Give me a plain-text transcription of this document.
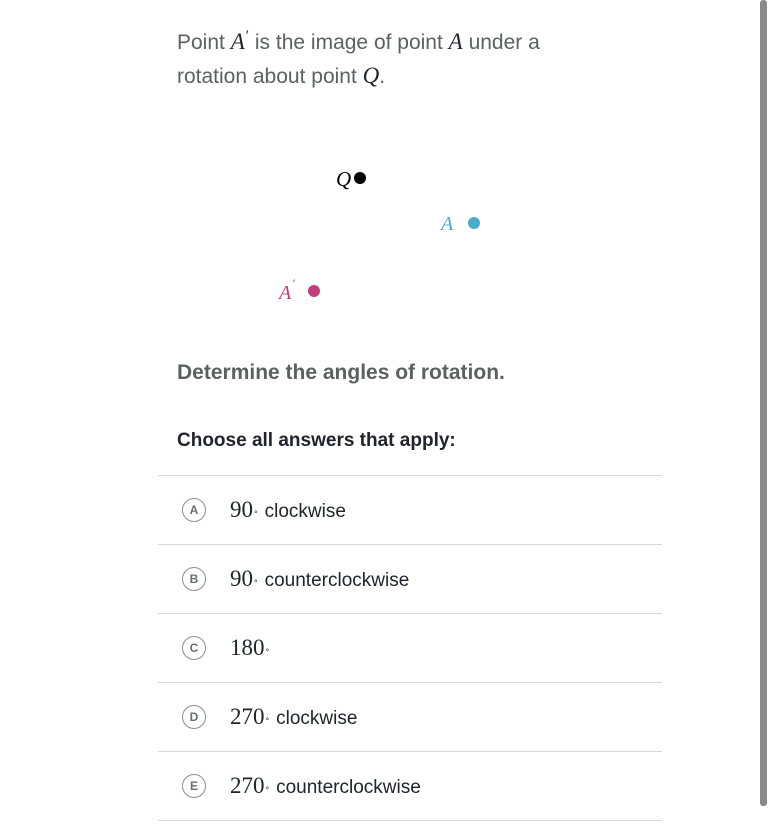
Point A′ is the image of point A under a rotation about point Q.
Q
A
A ′
Determine the angles of rotation.
Choose all answers that apply:
A	90 ° clockwise
B	90 ° counterclockwise
C	180 °
D	270 ° clockwise
E	270 ° counterclockwise
